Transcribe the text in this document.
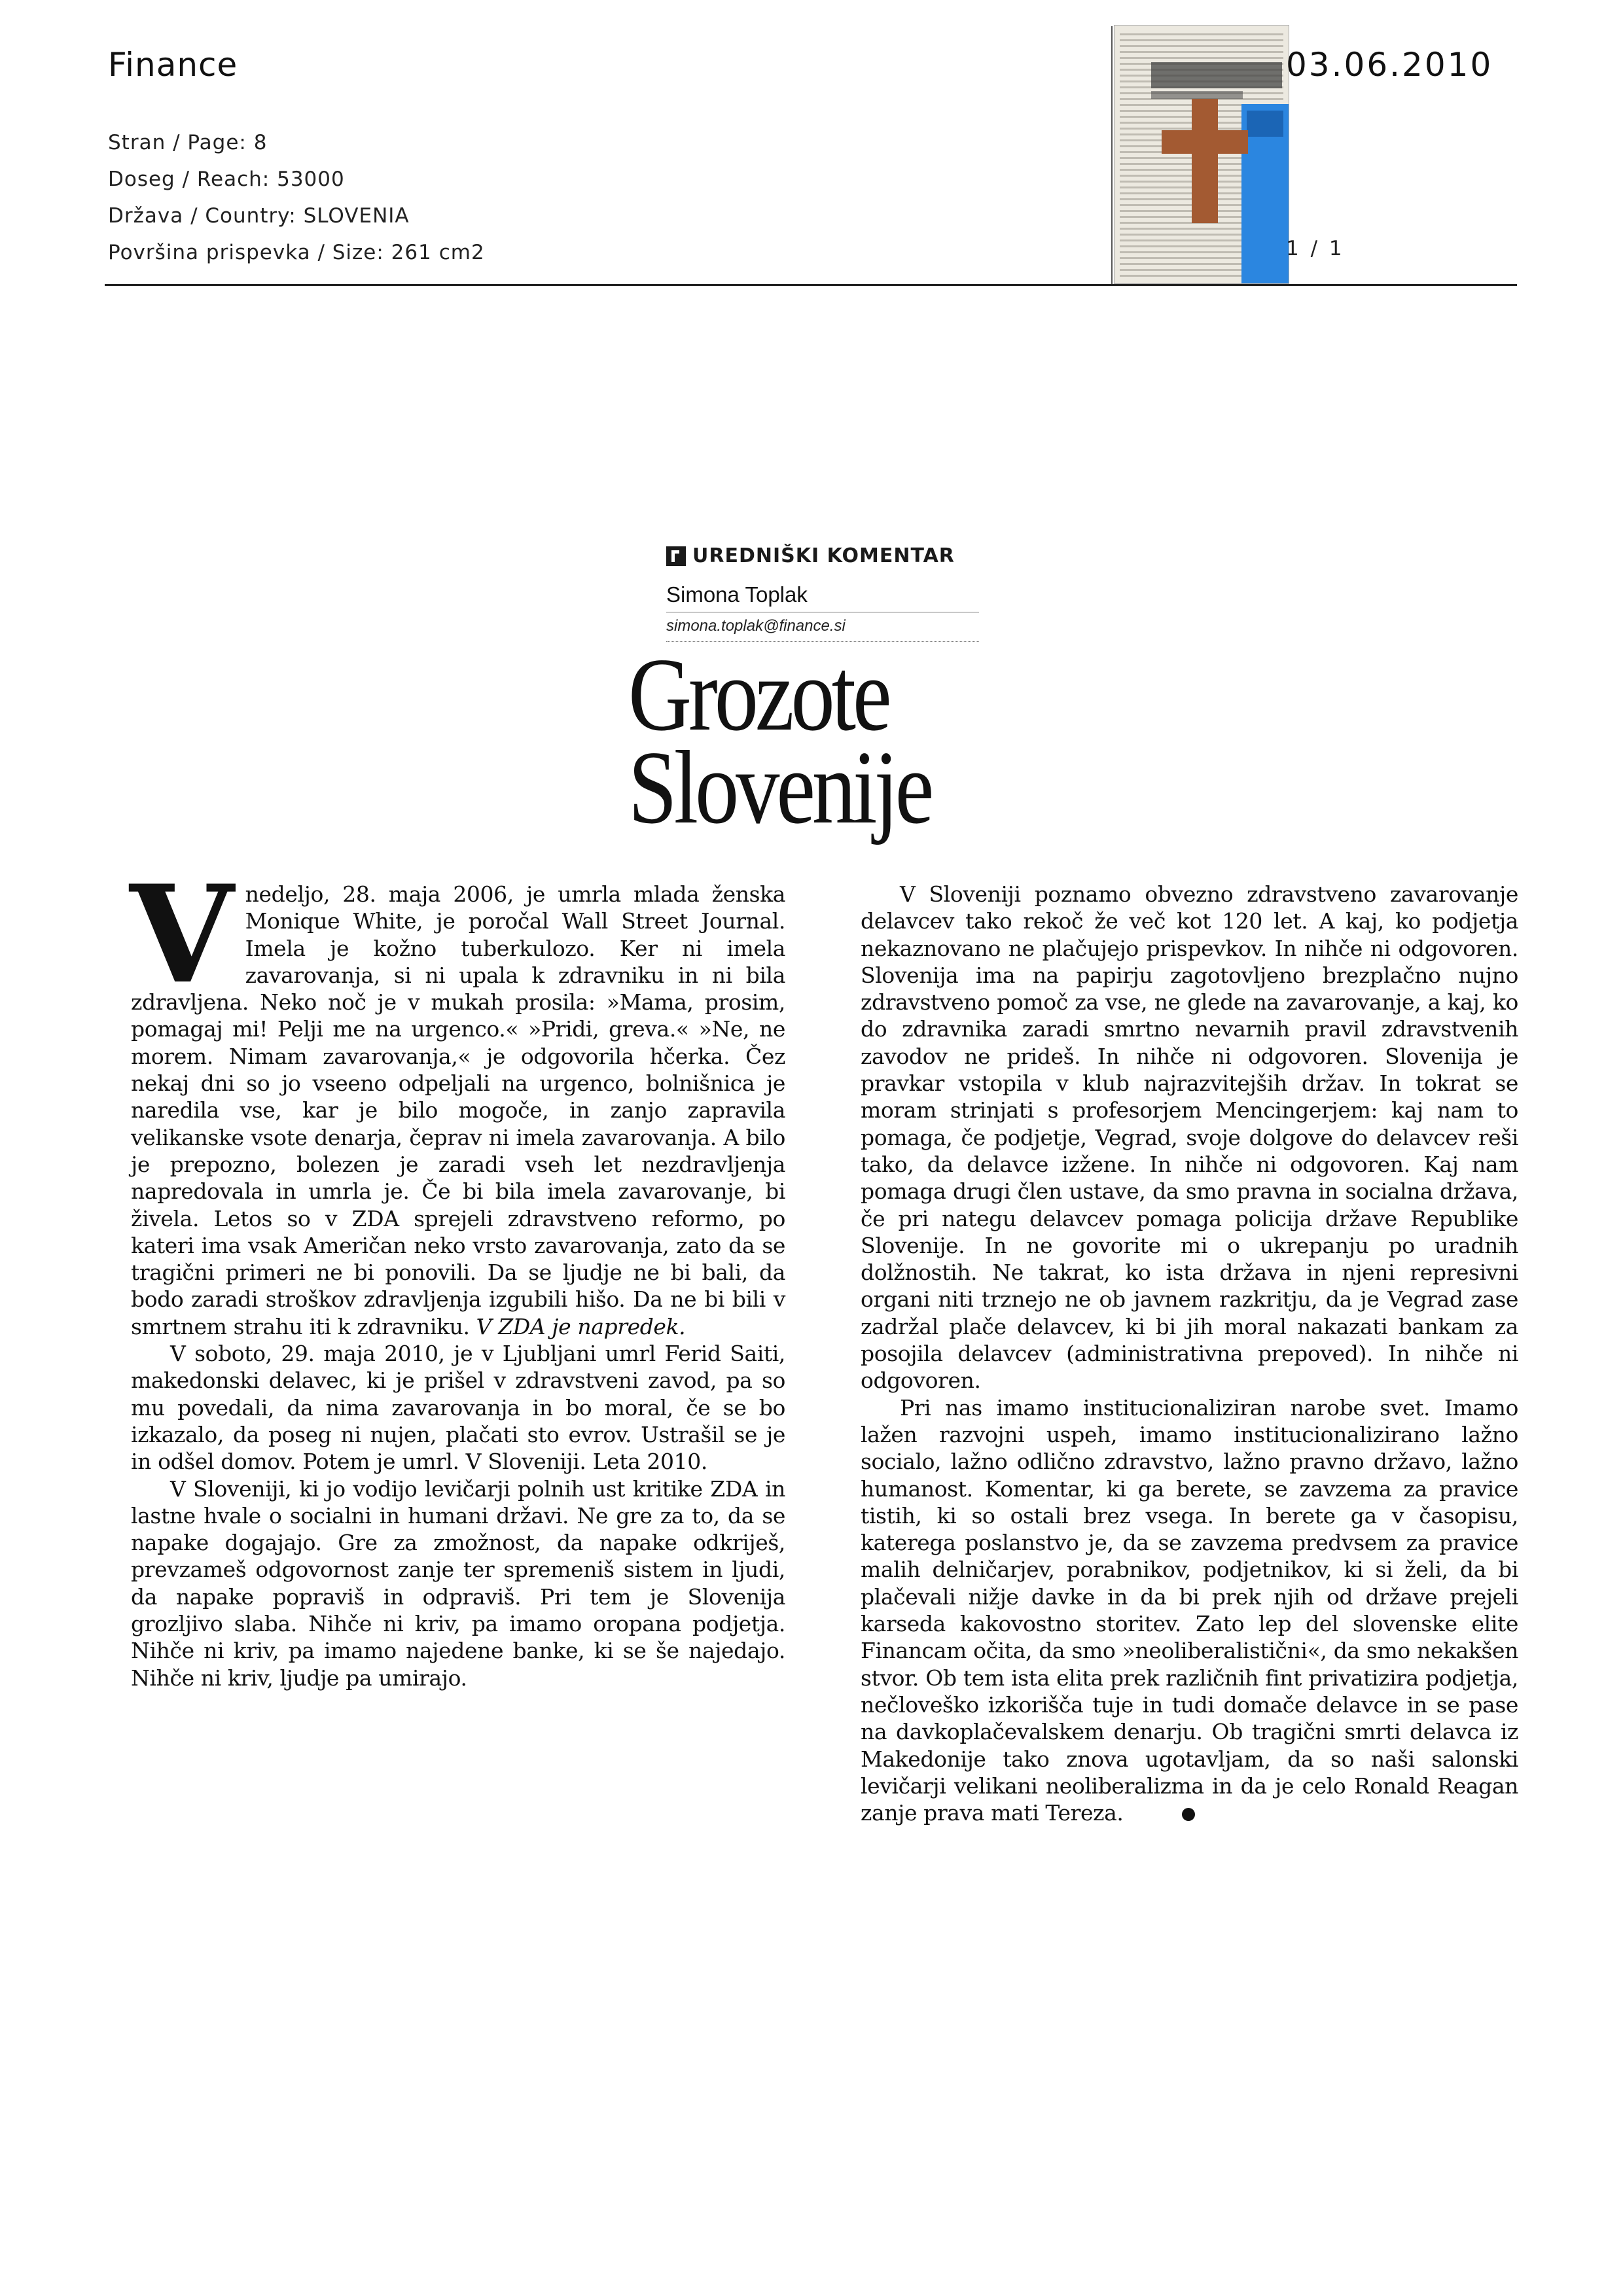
Finance
Stran / Page: 8
Doseg / Reach: 53000
Država / Country: SLOVENIA
Površina prispevka / Size: 261 cm2
03.06.2010
1 / 1
UREDNIŠKI KOMENTAR
Simona Toplak
simona.toplak@finance.si
Grozote
Slovenije

Vnedeljo, 28. maja 2006, je umrla mlada ženska Monique White, je poročal Wall Street Journal. Imela je kožno tuberkulozo. Ker ni imela zavarovanja, si ni upala k zdravniku in ni bila zdravljena. Neko noč je v mukah prosila: »Mama, prosim, pomagaj mi! Pelji me na urgenco.« »Pridi, greva.« »Ne, ne morem. Nimam zavarovanja,« je odgovorila hčerka. Čez nekaj dni so jo vseeno odpeljali na urgenco, bolnišnica je naredila vse, kar je bilo mogoče, in zanjo zapravila velikanske vsote denarja, čeprav ni imela zavarovanja. A bilo je prepozno, bolezen je zaradi vseh let nezdravljenja napredovala in umrla je. Če bi bila imela zavarovanje, bi živela. Letos so v ZDA sprejeli zdravstveno reformo, po kateri ima vsak Američan neko vrsto zavarovanja, zato da se tragični primeri ne bi ponovili. Da se ljudje ne bi bali, da bodo zaradi stroškov zdravljenja izgubili hišo. Da ne bi bili v smrtnem strahu iti k zdravniku. V ZDA je napredek.

V soboto, 29. maja 2010, je v Ljubljani umrl Ferid Saiti, makedonski delavec, ki je prišel v zdravstveni zavod, pa so mu povedali, da nima zavarovanja in bo moral, če se bo izkazalo, da poseg ni nujen, plačati sto evrov. Ustrašil se je in odšel domov. Potem je umrl. V Sloveniji. Leta 2010.

V Sloveniji, ki jo vodijo levičarji polnih ust kritike ZDA in lastne hvale o socialni in humani državi. Ne gre za to, da se napake dogajajo. Gre za zmožnost, da napake odkriješ, prevzameš odgovornost zanje ter spremeniš sistem in ljudi, da napake popraviš in odpraviš. Pri tem je Slovenija grozljivo slaba. Nihče ni kriv, pa imamo oropana podjetja. Nihče ni kriv, pa imamo najedene banke, ki se še najedajo. Nihče ni kriv, ljudje pa umirajo.

V Sloveniji poznamo obvezno zdravstveno zavarovanje delavcev tako rekoč že več kot 120 let. A kaj, ko podjetja nekaznovano ne plačujejo prispevkov. In nihče ni odgovoren. Slovenija ima na papirju zagotovljeno brezplačno nujno zdravstveno pomoč za vse, ne glede na zavarovanje, a kaj, ko do zdravnika zaradi smrtno nevarnih pravil zdravstvenih zavodov ne prideš. In nihče ni odgovoren. Slovenija je pravkar vstopila v klub najrazvitejših držav. In tokrat se moram strinjati s profesorjem Mencingerjem: kaj nam to pomaga, če podjetje, Vegrad, svoje dolgove do delavcev reši tako, da delavce izžene. In nihče ni odgovoren. Kaj nam pomaga drugi člen ustave, da smo pravna in socialna država, če pri nategu delavcev pomaga policija države Republike Slovenije. In ne govorite mi o ukrepanju po uradnih dolžnostih. Ne takrat, ko ista država in njeni represivni organi niti trznejo ne ob javnem razkritju, da je Vegrad zase zadržal plače delavcev, ki bi jih moral nakazati bankam za posojila delavcev (administrativna prepoved). In nihče ni odgovoren.

Pri nas imamo institucionaliziran narobe svet. Imamo lažen razvojni uspeh, imamo institucionalizirano lažno socialo, lažno odlično zdravstvo, lažno pravno državo, lažno humanost. Komentar, ki ga berete, se zavzema za pravice tistih, ki so ostali brez vsega. In berete ga v časopisu, katerega poslanstvo je, da se zavzema predvsem za pravice malih delničarjev, porabnikov, podjetnikov, ki si želi, da bi plačevali nižje davke in da bi prek njih od države prejeli karseda kakovostno storitev. Zato lep del slovenske elite Financam očita, da smo »neoliberalistični«, da smo nekakšen stvor. Ob tem ista elita prek različnih fint privatizira podjetja, nečloveško izkorišča tuje in tudi domače delavce in se pase na davkoplačevalskem denarju. Ob tragični smrti delavca iz Makedonije tako znova ugotavljam, da so naši salonski levičarji velikani neoliberalizma in da je celo Ronald Reagan zanje prava mati Tereza.
